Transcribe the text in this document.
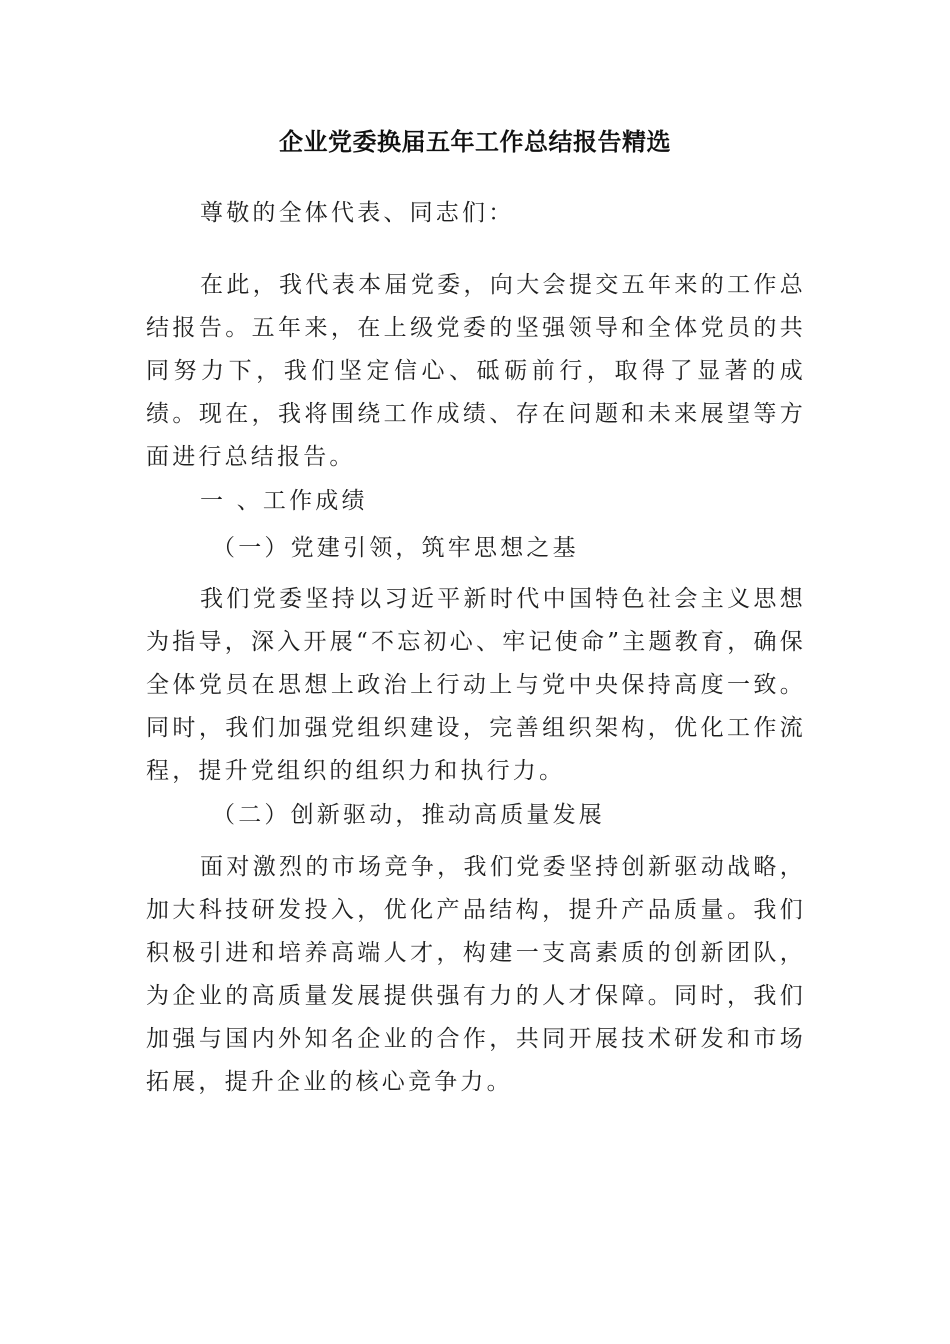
企业党委换届五年工作总结报告精选
尊敬的全体代表、同志们：
在此，我代表本届党委，向大会提交五年来的工作总结报告。五年来，在上级党委的坚强领导和全体党员的共同努力下，我们坚定信心、砥砺前行，取得了显著的成绩。现在，我将围绕工作成绩、存在问题和未来展望等方面进行总结报告。
一 、工作成绩
（一）党建引领，筑牢思想之基
我们党委坚持以习近平新时代中国特色社会主义思想为指导，深入开展“不忘初心、牢记使命”主题教育，确保全体党员在思想上政治上行动上与党中央保持高度一致。同时，我们加强党组织建设，完善组织架构，优化工作流程，提升党组织的组织力和执行力。
（二）创新驱动，推动高质量发展
面对激烈的市场竞争，我们党委坚持创新驱动战略，加大科技研发投入，优化产品结构，提升产品质量。我们积极引进和培养高端人才，构建一支高素质的创新团队，为企业的高质量发展提供强有力的人才保障。同时，我们加强与国内外知名企业的合作，共同开展技术研发和市场拓展，提升企业的核心竞争力。
